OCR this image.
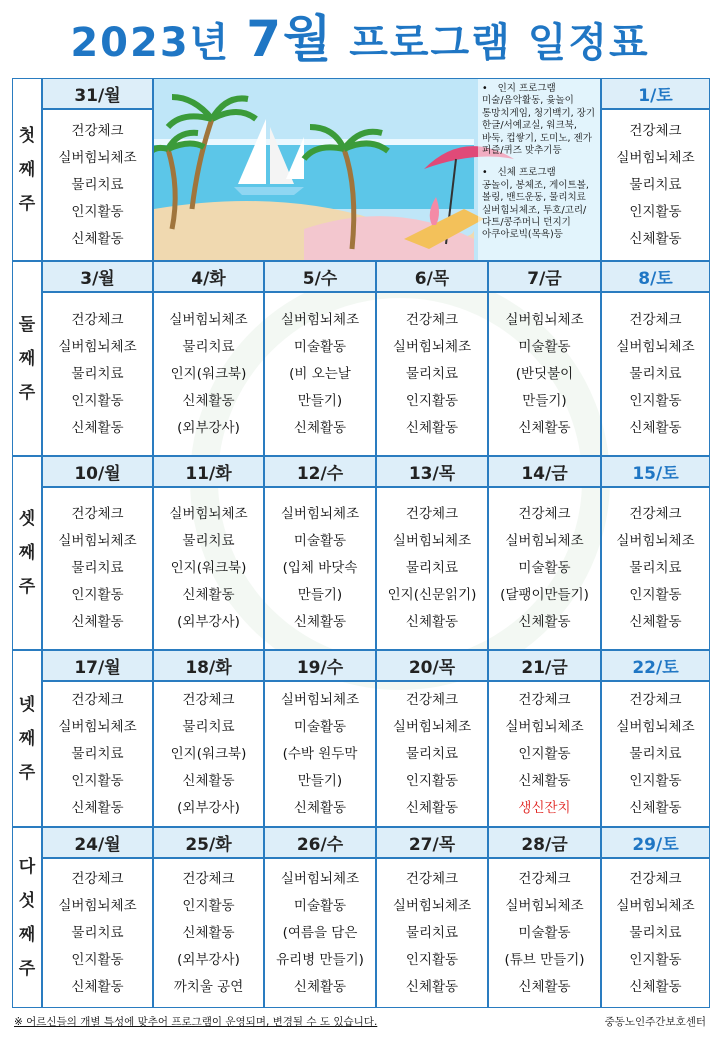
2023년 7월 프로그램 일정표
• 인지 프로그램
미술/음악활동, 윷놀이 통망치게임, 청기백기, 장기 한글/서예교실, 워크북, 바둑, 컵쌓기, 도미노, 젠가 퍼즐/퀴즈 맞추기등
• 신체 프로그램
공놀이, 봉체조, 게이트볼, 볼링, 밴드운동, 물리치료 실버힘뇌체조, 투호/고리/다트/콩주머니 던지기 아쿠아로빅(목욕)등
첫
째
주
31/월
건강체크
실버힘뇌체조
물리치료
인지활동
신체활동
1/토
건강체크
실버힘뇌체조
물리치료
인지활동
신체활동
둘
째
주
3/월
건강체크
실버힘뇌체조
물리치료
인지활동
신체활동
4/화
실버힘뇌체조
물리치료
인지(워크북)
신체활동
(외부강사)
5/수
실버힘뇌체조
미술활동
(비 오는날
만들기)
신체활동
6/목
건강체크
실버힘뇌체조
물리치료
인지활동
신체활동
7/금
실버힘뇌체조
미술활동
(반딧불이
만들기)
신체활동
8/토
건강체크
실버힘뇌체조
물리치료
인지활동
신체활동
셋
째
주
10/월
건강체크
실버힘뇌체조
물리치료
인지활동
신체활동
11/화
실버힘뇌체조
물리치료
인지(워크북)
신체활동
(외부강사)
12/수
실버힘뇌체조
미술활동
(입체 바닷속
만들기)
신체활동
13/목
건강체크
실버힘뇌체조
물리치료
인지(신문읽기)
신체활동
14/금
건강체크
실버힘뇌체조
미술활동
(달팽이만들기)
신체활동
15/토
건강체크
실버힘뇌체조
물리치료
인지활동
신체활동
넷
째
주
17/월
건강체크
실버힘뇌체조
물리치료
인지활동
신체활동
18/화
건강체크
물리치료
인지(워크북)
신체활동
(외부강사)
19/수
실버힘뇌체조
미술활동
(수박 원두막
만들기)
신체활동
20/목
건강체크
실버힘뇌체조
물리치료
인지활동
신체활동
21/금
건강체크
실버힘뇌체조
인지활동
신체활동
생신잔치
22/토
건강체크
실버힘뇌체조
물리치료
인지활동
신체활동
다
섯
째
주
24/월
건강체크
실버힘뇌체조
물리치료
인지활동
신체활동
25/화
건강체크
인지활동
신체활동
(외부강사)
까치울 공연
26/수
실버힘뇌체조
미술활동
(여름을 담은
유리병 만들기)
신체활동
27/목
건강체크
실버힘뇌체조
물리치료
인지활동
신체활동
28/금
건강체크
실버힘뇌체조
미술활동
(튜브 만들기)
신체활동
29/토
건강체크
실버힘뇌체조
물리치료
인지활동
신체활동
※ 어르신들의 개별 특성에 맞추어 프로그램이 운영되며, 변경될 수 도 있습니다.	중동노인주간보호센터
